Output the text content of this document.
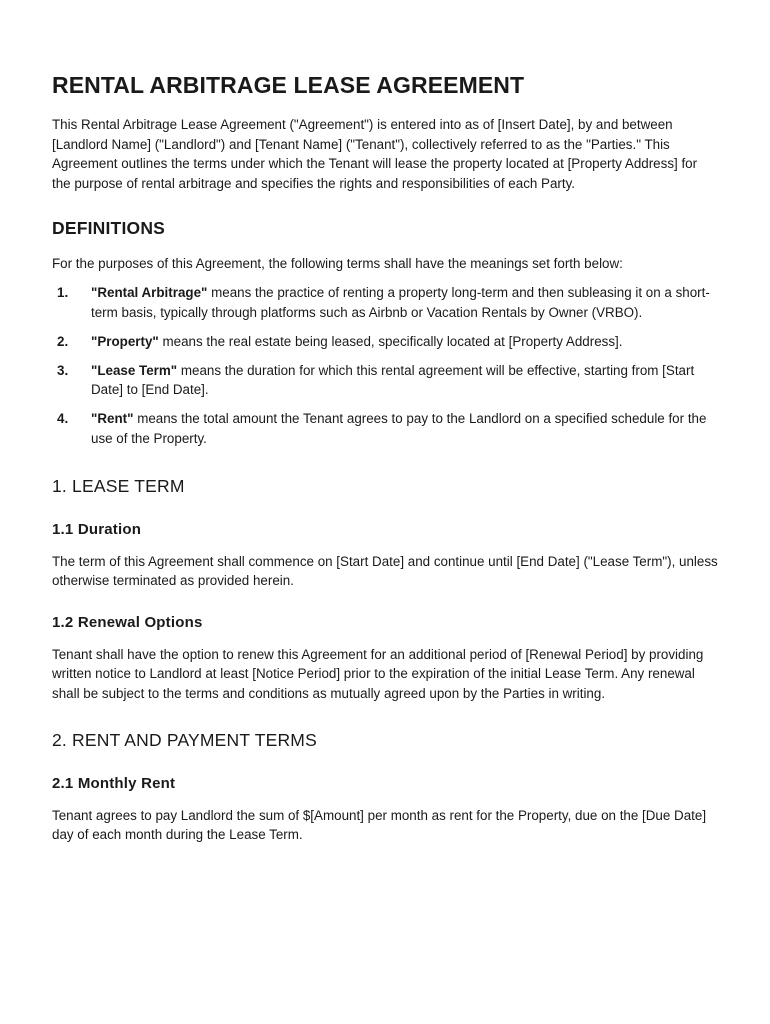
RENTAL ARBITRAGE LEASE AGREEMENT

This Rental Arbitrage Lease Agreement ("Agreement") is entered into as of [Insert Date], by and between [Landlord Name] ("Landlord") and [Tenant Name] ("Tenant"), collectively referred to as the "Parties." This Agreement outlines the terms under which the Tenant will lease the property located at [Property Address] for the purpose of rental arbitrage and specifies the rights and responsibilities of each Party.

DEFINITIONS

For the purposes of this Agreement, the following terms shall have the meanings set forth below:

1. "Rental Arbitrage" means the practice of renting a property long-term and then subleasing it on a short-term basis, typically through platforms such as Airbnb or Vacation Rentals by Owner (VRBO).
2. "Property" means the real estate being leased, specifically located at [Property Address].
3. "Lease Term" means the duration for which this rental agreement will be effective, starting from [Start Date] to [End Date].
4. "Rent" means the total amount the Tenant agrees to pay to the Landlord on a specified schedule for the use of the Property.
1. LEASE TERM
1.1 Duration

The term of this Agreement shall commence on [Start Date] and continue until [End Date] ("Lease Term"), unless otherwise terminated as provided herein.

1.2 Renewal Options

Tenant shall have the option to renew this Agreement for an additional period of [Renewal Period] by providing written notice to Landlord at least [Notice Period] prior to the expiration of the initial Lease Term. Any renewal shall be subject to the terms and conditions as mutually agreed upon by the Parties in writing.

2. RENT AND PAYMENT TERMS
2.1 Monthly Rent

Tenant agrees to pay Landlord the sum of $[Amount] per month as rent for the Property, due on the [Due Date] day of each month during the Lease Term.
